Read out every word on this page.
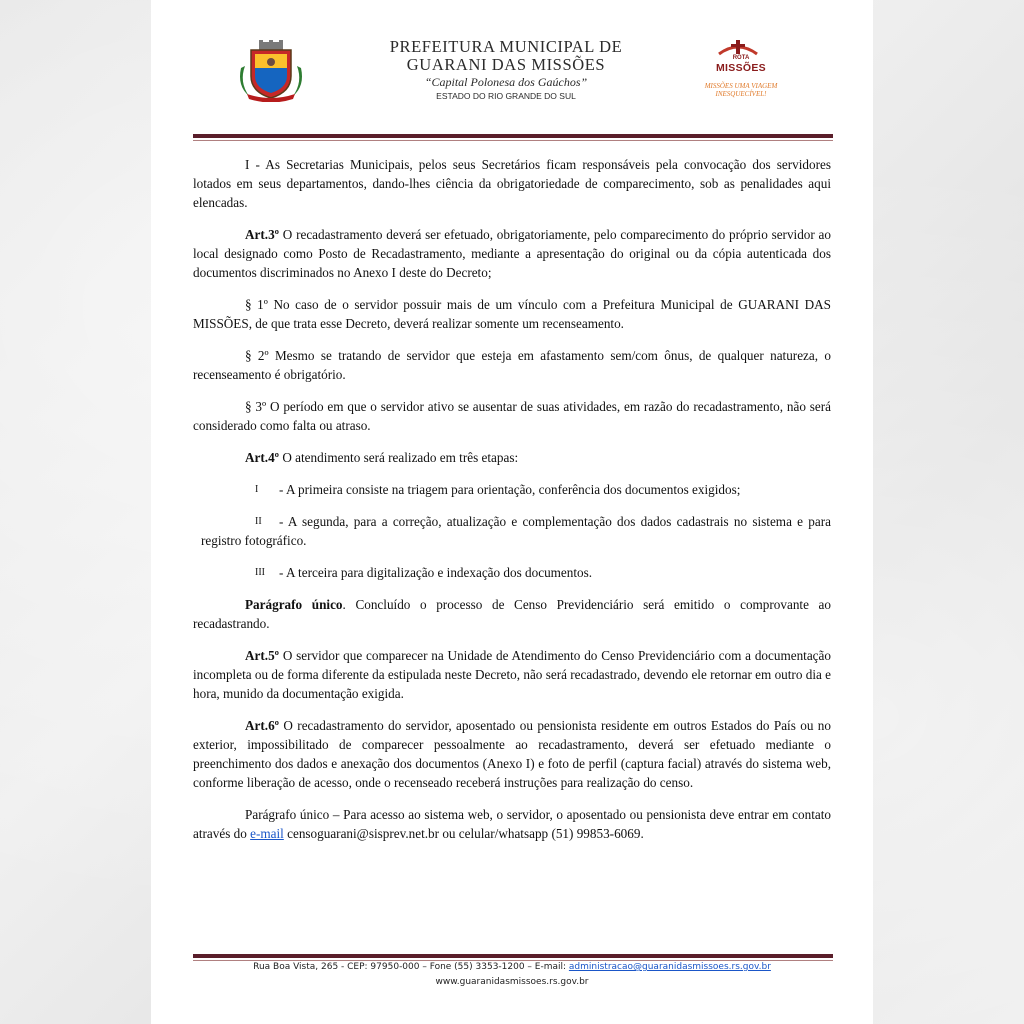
PREFEITURA MUNICIPAL DE
GUARANI DAS MISSÕES
“Capital Polonesa dos Gaúchos”
ESTADO DO RIO GRANDE DO SUL
ROTA
MISSÕES
MISSÕES UMA VIAGEM
INESQUECÍVEL!

I - As Secretarias Municipais, pelos seus Secretários ficam responsáveis pela convocação dos servidores lotados em seus departamentos, dando-lhes ciência da obrigatoriedade de comparecimento, sob as penalidades aqui elencadas.

Art.3º O recadastramento deverá ser efetuado, obrigatoriamente, pelo comparecimento do próprio servidor ao local designado como Posto de Recadastramento, mediante a apresentação do original ou da cópia autenticada dos documentos discriminados no Anexo I deste do Decreto;

§ 1º No caso de o servidor possuir mais de um vínculo com a Prefeitura Municipal de GUARANI DAS MISSÕES, de que trata esse Decreto, deverá realizar somente um recenseamento.

§ 2º Mesmo se tratando de servidor que esteja em afastamento sem/com ônus, de qualquer natureza, o recenseamento é obrigatório.

§ 3º O período em que o servidor ativo se ausentar de suas atividades, em razão do recadastramento, não será considerado como falta ou atraso.

Art.4º O atendimento será realizado em três etapas:

I - A primeira consiste na triagem para orientação, conferência dos documentos exigidos;
II - A segunda, para a correção, atualização e complementação dos dados cadastrais no sistema e para registro fotográfico.
III - A terceira para digitalização e indexação dos documentos.

Parágrafo único. Concluído o processo de Censo Previdenciário será emitido o comprovante ao recadastrando.

Art.5º O servidor que comparecer na Unidade de Atendimento do Censo Previdenciário com a documentação incompleta ou de forma diferente da estipulada neste Decreto, não será recadastrado, devendo ele retornar em outro dia e hora, munido da documentação exigida.

Art.6º O recadastramento do servidor, aposentado ou pensionista residente em outros Estados do País ou no exterior, impossibilitado de comparecer pessoalmente ao recadastramento, deverá ser efetuado mediante o preenchimento dos dados e anexação dos documentos (Anexo I) e foto de perfil (captura facial) através do sistema web, conforme liberação de acesso, onde o recenseado receberá instruções para realização do censo.

Parágrafo único – Para acesso ao sistema web, o servidor, o aposentado ou pensionista deve entrar em contato através do e-mail censoguarani@sisprev.net.br ou celular/whatsapp (51) 99853-6069.

Rua Boa Vista, 265 - CEP: 97950-000 – Fone (55) 3353-1200 – E-mail: administracao@guaranidasmissoes.rs.gov.br
www.guaranidasmissoes.rs.gov.br
